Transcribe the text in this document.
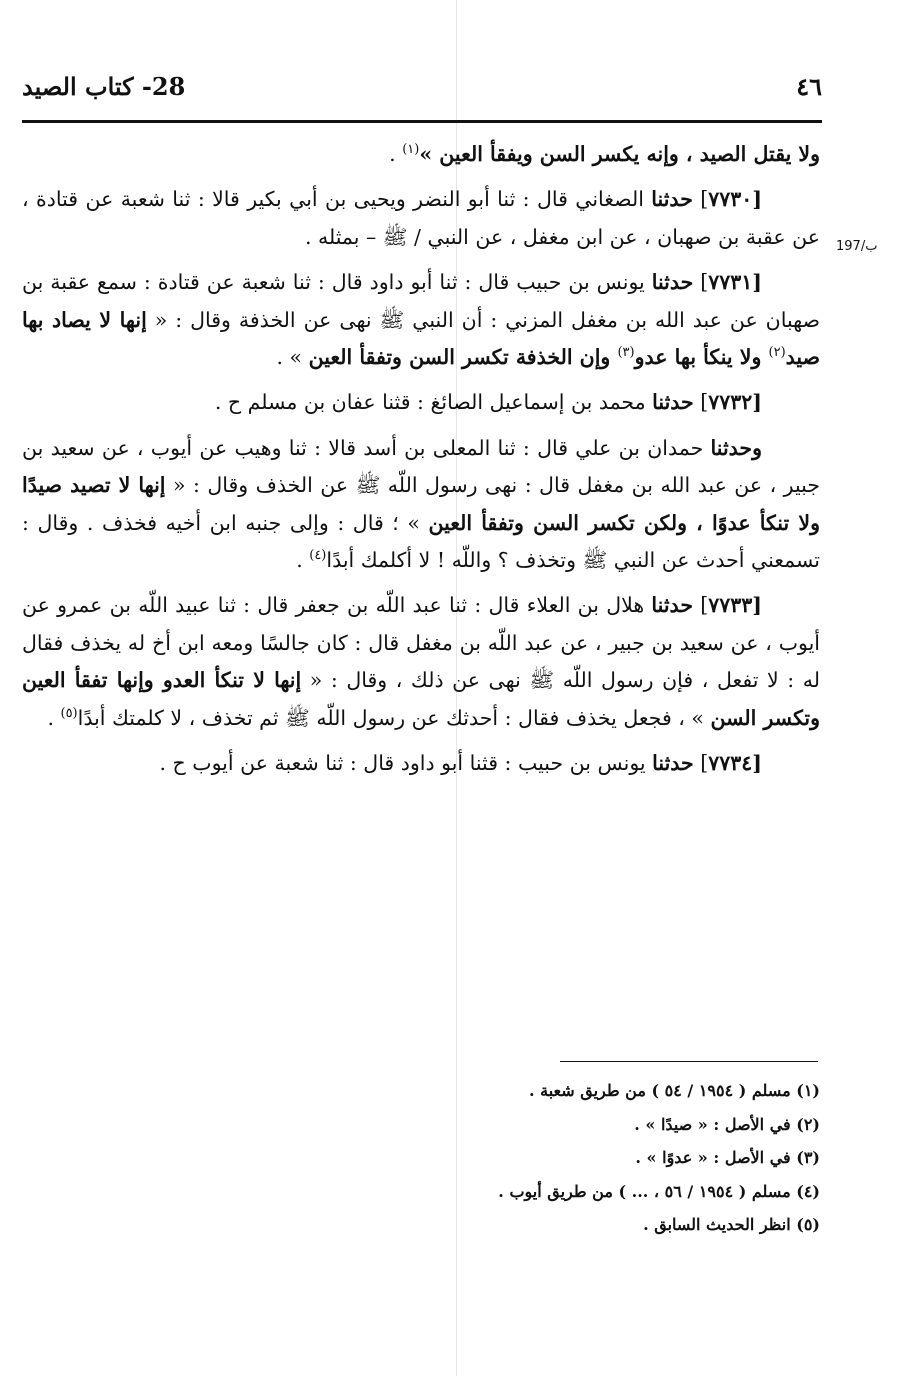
٤٦
28- كتاب الصيد
197/ب

ولا يقتل الصيد ، وإنه يكسر السن ويفقأ العين »$^{(١)}$ .

[٧٧٣٠] حدثنا الصغاني قال : ثنا أبو النضر ويحيى بن أبي بكير قالا : ثنا شعبة عن قتادة ، عن عقبة بن صهبان ، عن ابن مغفل ، عن النبي / ﷺ – بمثله .

[٧٧٣١] حدثنا يونس بن حبيب قال : ثنا أبو داود قال : ثنا شعبة عن قتادة : سمع عقبة بن صهبان عن عبد الله بن مغفل المزني : أن النبي ﷺ نهى عن الخذفة وقال : « إنها لا يصاد بها صيد$^{(٢)}$ ولا ينكأ بها عدو$^{(٣)}$ وإن الخذفة تكسر السن وتفقأ العين » .

[٧٧٣٢] حدثنا محمد بن إسماعيل الصائغ : قثنا عفان بن مسلم ح .

وحدثنا حمدان بن علي قال : ثنا المعلى بن أسد قالا : ثنا وهيب عن أيوب ، عن سعيد بن جبير ، عن عبد الله بن مغفل قال : نهى رسول اللّه ﷺ عن الخذف وقال : « إنها لا تصيد صيدًا ولا تنكأ عدوًا ، ولكن تكسر السن وتفقأ العين » ؛ قال : وإلى جنبه ابن أخيه فخذف . وقال : تسمعني أحدث عن النبي ﷺ وتخذف ؟ واللّه ! لا أكلمك أبدًا$^{(٤)}$ .

[٧٧٣٣] حدثنا هلال بن العلاء قال : ثنا عبد اللّه بن جعفر قال : ثنا عبيد اللّه بن عمرو عن أيوب ، عن سعيد بن جبير ، عن عبد اللّه بن مغفل قال : كان جالسًا ومعه ابن أخ له يخذف فقال له : لا تفعل ، فإن رسول اللّه ﷺ نهى عن ذلك ، وقال : « إنها لا تنكأ العدو وإنها تفقأ العين وتكسر السن » ، فجعل يخذف فقال : أحدثك عن رسول اللّه ﷺ ثم تخذف ، لا كلمتك أبدًا$^{(٥)}$ .

[٧٧٣٤] حدثنا يونس بن حبيب : قثنا أبو داود قال : ثنا شعبة عن أيوب ح .

(١) مسلم ( ١٩٥٤ / ٥٤ ) من طريق شعبة .
(٢) في الأصل : « صيدًا » .
(٣) في الأصل : « عدوًا » .
(٤) مسلم ( ١٩٥٤ / ٥٦ ، ... ) من طريق أيوب .
(٥) انظر الحديث السابق .
